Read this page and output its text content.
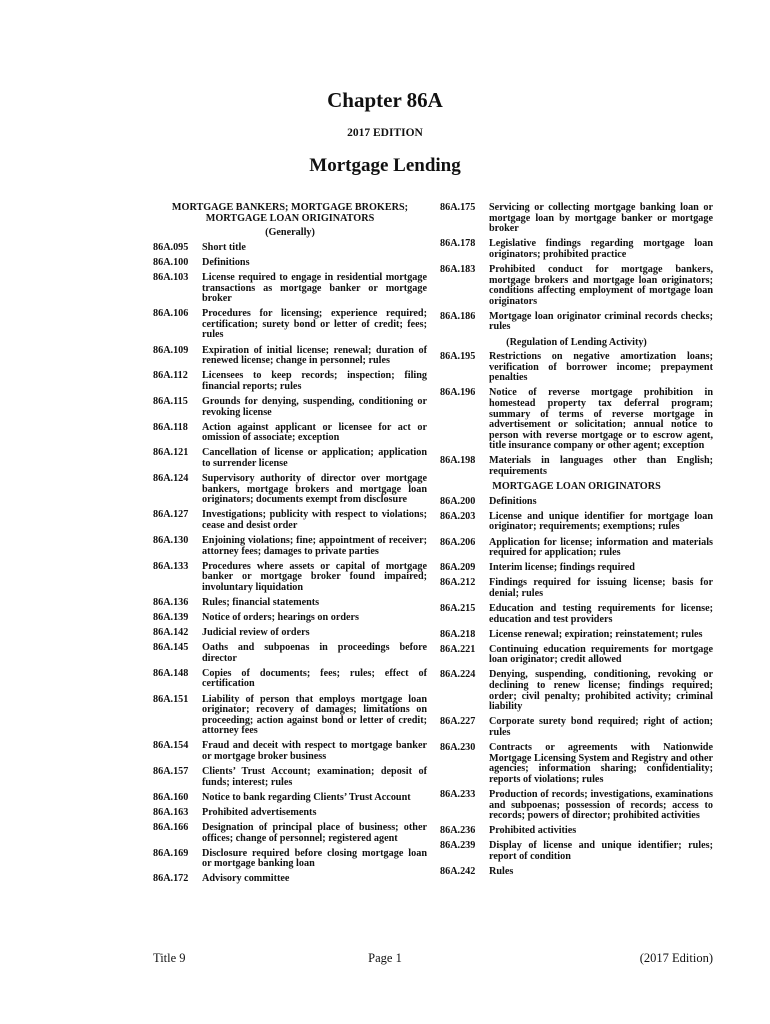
Chapter 86A
2017 EDITION
Mortgage Lending
MORTGAGE BANKERS; MORTGAGE BROKERS; MORTGAGE LOAN ORIGINATORS
(Generally)
86A.095	Short title
86A.100	Definitions
86A.103	License required to engage in residential mortgage transactions as mortgage banker or mortgage broker
86A.106	Procedures for licensing; experience required; certification; surety bond or letter of credit; fees; rules
86A.109	Expiration of initial license; renewal; duration of renewed license; change in personnel; rules
86A.112	Licensees to keep records; inspection; filing financial reports; rules
86A.115	Grounds for denying, suspending, conditioning or revoking license
86A.118	Action against applicant or licensee for act or omission of associate; exception
86A.121	Cancellation of license or application; application to surrender license
86A.124	Supervisory authority of director over mortgage bankers, mortgage brokers and mortgage loan originators; documents exempt from disclosure
86A.127	Investigations; publicity with respect to violations; cease and desist order
86A.130	Enjoining violations; fine; appointment of receiver; attorney fees; damages to private parties
86A.133	Procedures where assets or capital of mortgage banker or mortgage broker found impaired; involuntary liquidation
86A.136	Rules; financial statements
86A.139	Notice of orders; hearings on orders
86A.142	Judicial review of orders
86A.145	Oaths and subpoenas in proceedings before director
86A.148	Copies of documents; fees; rules; effect of certification
86A.151	Liability of person that employs mortgage loan originator; recovery of damages; limitations on proceeding; action against bond or letter of credit; attorney fees
86A.154	Fraud and deceit with respect to mortgage banker or mortgage broker business
86A.157	Clients’ Trust Account; examination; deposit of funds; interest; rules
86A.160	Notice to bank regarding Clients’ Trust Account
86A.163	Prohibited advertisements
86A.166	Designation of principal place of business; other offices; change of personnel; registered agent
86A.169	Disclosure required before closing mortgage loan or mortgage banking loan
86A.172	Advisory committee
86A.175	Servicing or collecting mortgage banking loan or mortgage loan by mortgage banker or mortgage broker
86A.178	Legislative findings regarding mortgage loan originators; prohibited practice
86A.183	Prohibited conduct for mortgage bankers, mortgage brokers and mortgage loan originators; conditions affecting employment of mortgage loan originators
86A.186	Mortgage loan originator criminal records checks; rules
(Regulation of Lending Activity)
86A.195	Restrictions on negative amortization loans; verification of borrower income; prepayment penalties
86A.196	Notice of reverse mortgage prohibition in homestead property tax deferral program; summary of terms of reverse mortgage in advertisement or solicitation; annual notice to person with reverse mortgage or to escrow agent, title insurance company or other agent; exception
86A.198	Materials in languages other than English; requirements
MORTGAGE LOAN ORIGINATORS
86A.200	Definitions
86A.203	License and unique identifier for mortgage loan originator; requirements; exemptions; rules
86A.206	Application for license; information and materials required for application; rules
86A.209	Interim license; findings required
86A.212	Findings required for issuing license; basis for denial; rules
86A.215	Education and testing requirements for license; education and test providers
86A.218	License renewal; expiration; reinstatement; rules
86A.221	Continuing education requirements for mortgage loan originator; credit allowed
86A.224	Denying, suspending, conditioning, revoking or declining to renew license; findings required; order; civil penalty; prohibited activity; criminal liability
86A.227	Corporate surety bond required; right of action; rules
86A.230	Contracts or agreements with Nationwide Mortgage Licensing System and Registry and other agencies; information sharing; confidentiality; reports of violations; rules
86A.233	Production of records; investigations, examinations and subpoenas; possession of records; access to records; powers of director; prohibited activities
86A.236	Prohibited activities
86A.239	Display of license and unique identifier; rules; report of condition
86A.242	Rules
Title 9	Page 1	(2017 Edition)
